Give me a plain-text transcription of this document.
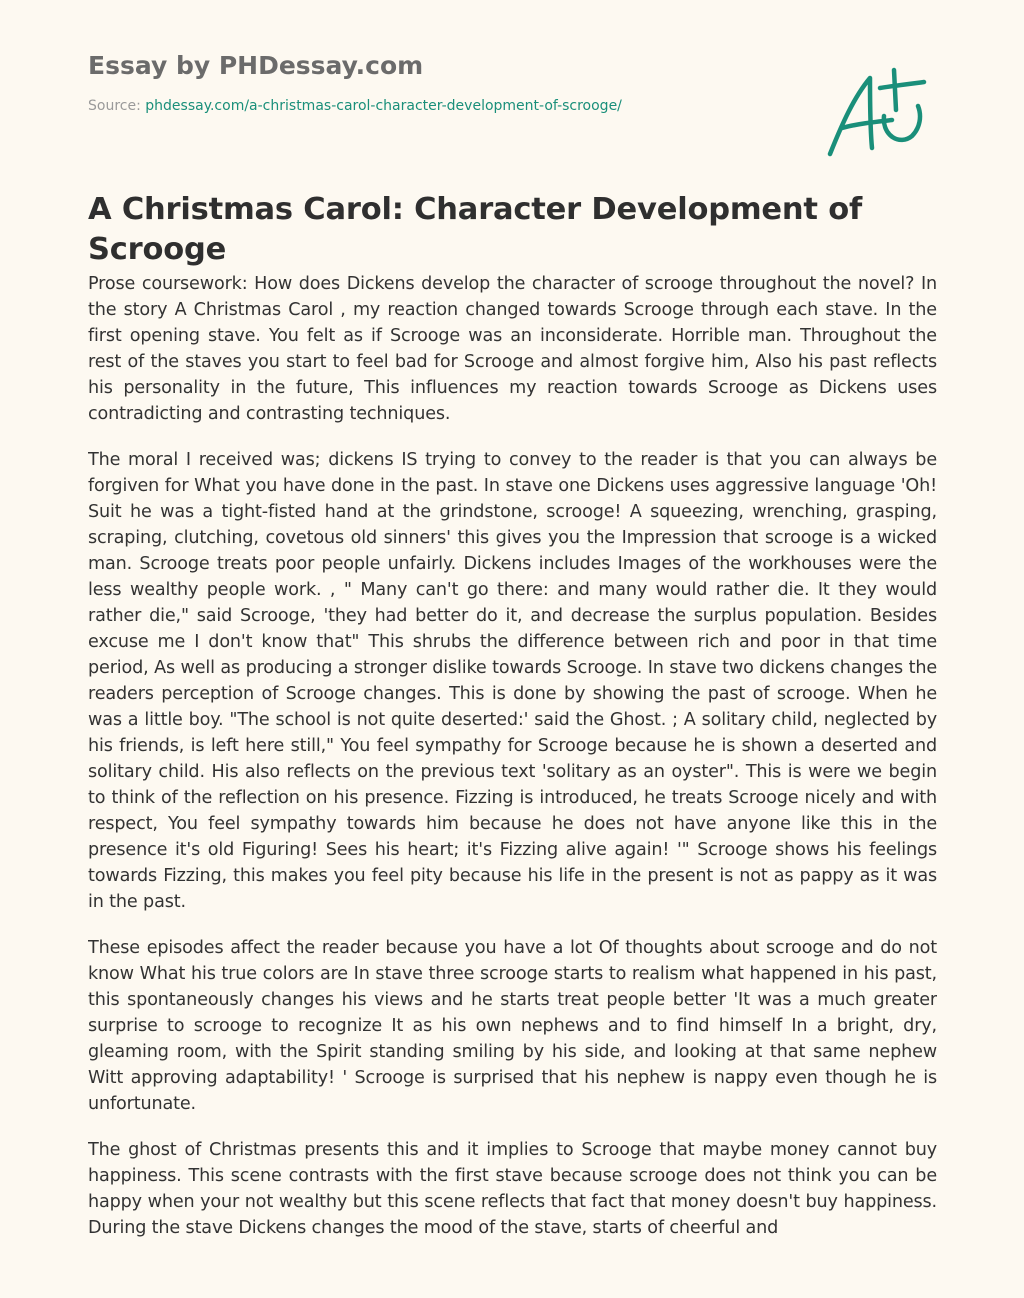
Essay by PHDessay.com
Source: phdessay.com/a-christmas-carol-character-development-of-scrooge/
A Christmas Carol: Character Development of Scrooge

Prose coursework: How does Dickens develop the character of scrooge throughout the novel? In the story A Christmas Carol , my reaction changed towards Scrooge through each stave. In the first opening stave. You felt as if Scrooge was an inconsiderate. Horrible man. Throughout the rest of the staves you start to feel bad for Scrooge and almost forgive him, Also his past reflects his personality in the future, This influences my reaction towards Scrooge as Dickens uses contradicting and contrasting techniques.

The moral I received was; dickens IS trying to convey to the reader is that you can always be forgiven for What you have done in the past. In stave one Dickens uses aggressive language 'Oh! Suit he was a tight-fisted hand at the grindstone, scrooge! A squeezing, wrenching, grasping, scraping, clutching, covetous old sinners' this gives you the Impression that scrooge is a wicked man. Scrooge treats poor people unfairly. Dickens includes Images of the workhouses were the less wealthy people work. , " Many can't go there: and many would rather die. It they would rather die," said Scrooge, 'they had better do it, and decrease the surplus population. Besides excuse me I don't know that" This shrubs the difference between rich and poor in that time period, As well as producing a stronger dislike towards Scrooge. In stave two dickens changes the readers perception of Scrooge changes. This is done by showing the past of scrooge. When he was a little boy. "The school is not quite deserted:' said the Ghost. ; A solitary child, neglected by his friends, is left here still," You feel sympathy for Scrooge because he is shown a deserted and solitary child. His also reflects on the previous text 'solitary as an oyster". This is were we begin to think of the reflection on his presence. Fizzing is introduced, he treats Scrooge nicely and with respect, You feel sympathy towards him because he does not have anyone like this in the presence it's old Figuring! Sees his heart; it's Fizzing alive again! '" Scrooge shows his feelings towards Fizzing, this makes you feel pity because his life in the present is not as pappy as it was in the past.

These episodes affect the reader because you have a lot Of thoughts about scrooge and do not know What his true colors are In stave three scrooge starts to realism what happened in his past, this spontaneously changes his views and he starts treat people better 'It was a much greater surprise to scrooge to recognize It as his own nephews and to find himself In a bright, dry, gleaming room, with the Spirit standing smiling by his side, and looking at that same nephew Witt approving adaptability! ' Scrooge is surprised that his nephew is nappy even though he is unfortunate.

The ghost of Christmas presents this and it implies to Scrooge that maybe money cannot buy happiness. This scene contrasts with the first stave because scrooge does not think you can be happy when your not wealthy but this scene reflects that fact that money doesn't buy happiness. During the stave Dickens changes the mood of the stave, starts of cheerful and
